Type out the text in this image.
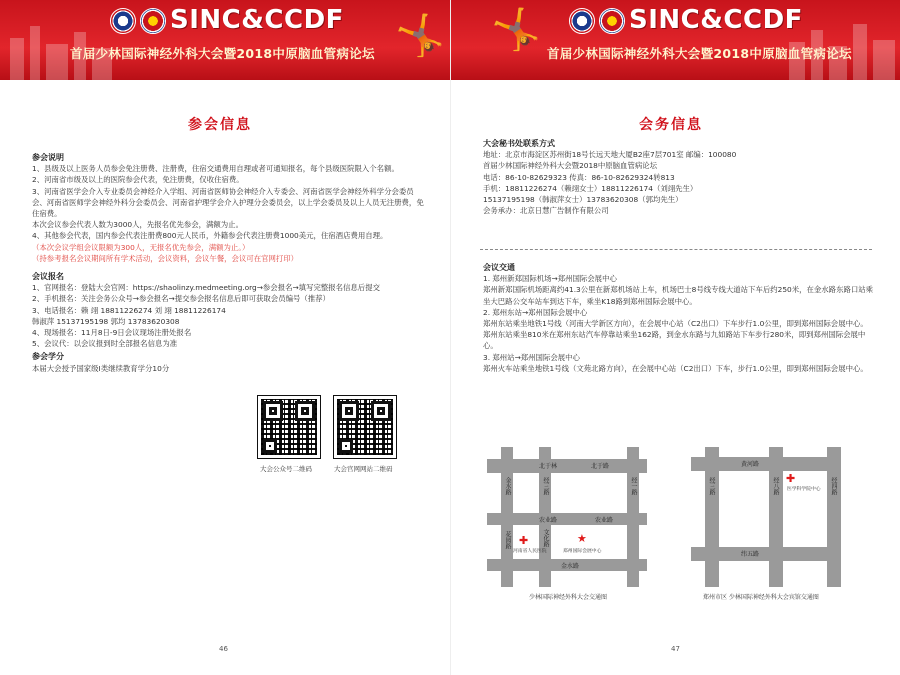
🤸
SINC&CCDF
首届少林国际神经外科大会暨2018中原脑血管病论坛
参会信息

参会说明

1、县级及以上医务人员参会免注册费、注册费，住宿交通费用自理或者可通知报名，每个县级医院限入个名额。

2、河南省市级及以上的医院参会代表，免注册费，仅收住宿费。

3、河南省医学会介入专业委员会神经介入学组、河南省医师协会神经介入专委会、河南省医学会神经外科学分会委员会、河南省医师学会神经外科分会委员会、河南省护理学会介入护理分会委员会，以上学会委员及以上人员无注册费，免住宿费。

本次会议参会代表人数为3000人，先报名优先参会，满额为止。

4、其他参会代表，国内参会代表注册费800元人民币，外籍参会代表注册费1000美元，住宿酒店费用自理。

（本次会议学组会议限额为300人，无报名优先参会，满额为止。）

（持参考报名会议期间所有学术活动，会议资料，会议午餐，会议可在官网打印）

会议报名

1、官网报名：登陆大会官网：https://shaolinzy.medmeeting.org→参会报名→填写完整报名信息后提交

2、手机报名：关注会务公众号→参会报名→提交参会报名信息后即可获取会员编号（推荐）

3、电话报名：赖 翊 18811226274 刘 翊 18811226174

韩淑萍 15137195198 郭均 13783620308

4、现场报名：11月8日-9日会议现场注册处报名

5、会议代：以会议报到时全部报名信息为准

参会学分

本届大会授予国家级Ⅰ类继续教育学分10分

大会公众号二维码	大会官网网站二维码
46
🤸	SINC&CCDF
首届少林国际神经外科大会暨2018中原脑血管病论坛
会务信息

大会秘书处联系方式

地址：北京市海淀区苏州街18号长远天地大厦B2座7层701室 邮编：100080

首届少林国际神经外科大会暨2018中原脑血管病论坛

电话：86-10-82629323 传真：86-10-82629324转813

手机：18811226274（赖翊女士）18811226174（刘翊先生）

15137195198（韩淑萍女士）13783620308（郭均先生）

会务承办：北京日慧广告制作有限公司

会议交通

1. 郑州新郑国际机场→郑州国际会展中心

郑州新郑国际机场距离约41.3公里在新郑机场站上车，机场巴士8号线专线大道站下车后约250米，在金水路东路口站乘坐大巴路公交车站车到达下车，乘坐K18路到郑州国际会展中心。

2. 郑州东站→郑州国际会展中心

郑州东站乘坐地铁1号线（河南大学新区方向），在会展中心站（C2出口）下车步行1.0公里，即到郑州国际会展中心。

郑州东站乘坐810米在郑州东站汽车停靠站乘坐162路，到金水东路与九如路站下车步行280米，即到郑州国际会展中心。

3. 郑州站→郑州国际会展中心

郑州火车站乘坐地铁1号线（文苑北路方向），在会展中心站（C2出口）下车，步行1.0公里，即到郑州国际会展中心。

北于林	北于路
金水路
农业路	农业路
金水路
花园路
经三路
文化路
经一路
✚
河南省人民医院
★
郑州国际会展中心
少林国际神经外科大会交通图
黄河路
纬五路
经三路	经八路	经四路
✚
医学科学院中心
郑州市区 少林国际神经外科大会宾馆交通图
47
